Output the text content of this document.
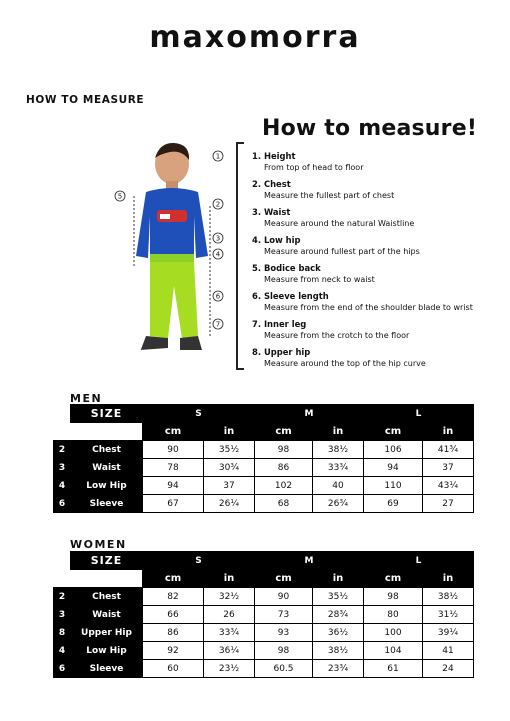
maxomorra
HOW TO MEASURE
1
2
3
4
5
6
7
How to measure!
1. Height
From top of head to floor
2. Chest
Measure the fullest part of chest
3. Waist
Measure around the natural Waistline
4. Low hip
Measure around fullest part of the hips
5. Bodice back
Measure from neck to waist
6. Sleeve length
Measure from the end of the shoulder blade to wrist
7. Inner leg
Measure from the crotch to the floor
8. Upper hip
Measure around the top of the hip curve
MEN
	SIZE	S		M		L	
		cm	in	cm	in	cm	in
2	Chest	90	35½	98	38½	106	41¾
3	Waist	78	30¾	86	33¾	94	37
4	Low Hip	94	37	102	40	110	43¼
6	Sleeve	67	26¼	68	26¾	69	27
WOMEN
	SIZE	S		M		L	
		cm	in	cm	in	cm	in
2	Chest	82	32½	90	35½	98	38½
3	Waist	66	26	73	28¾	80	31½
8	Upper Hip	86	33¾	93	36½	100	39¼
4	Low Hip	92	36¼	98	38½	104	41
6	Sleeve	60	23½	60.5	23¾	61	24
